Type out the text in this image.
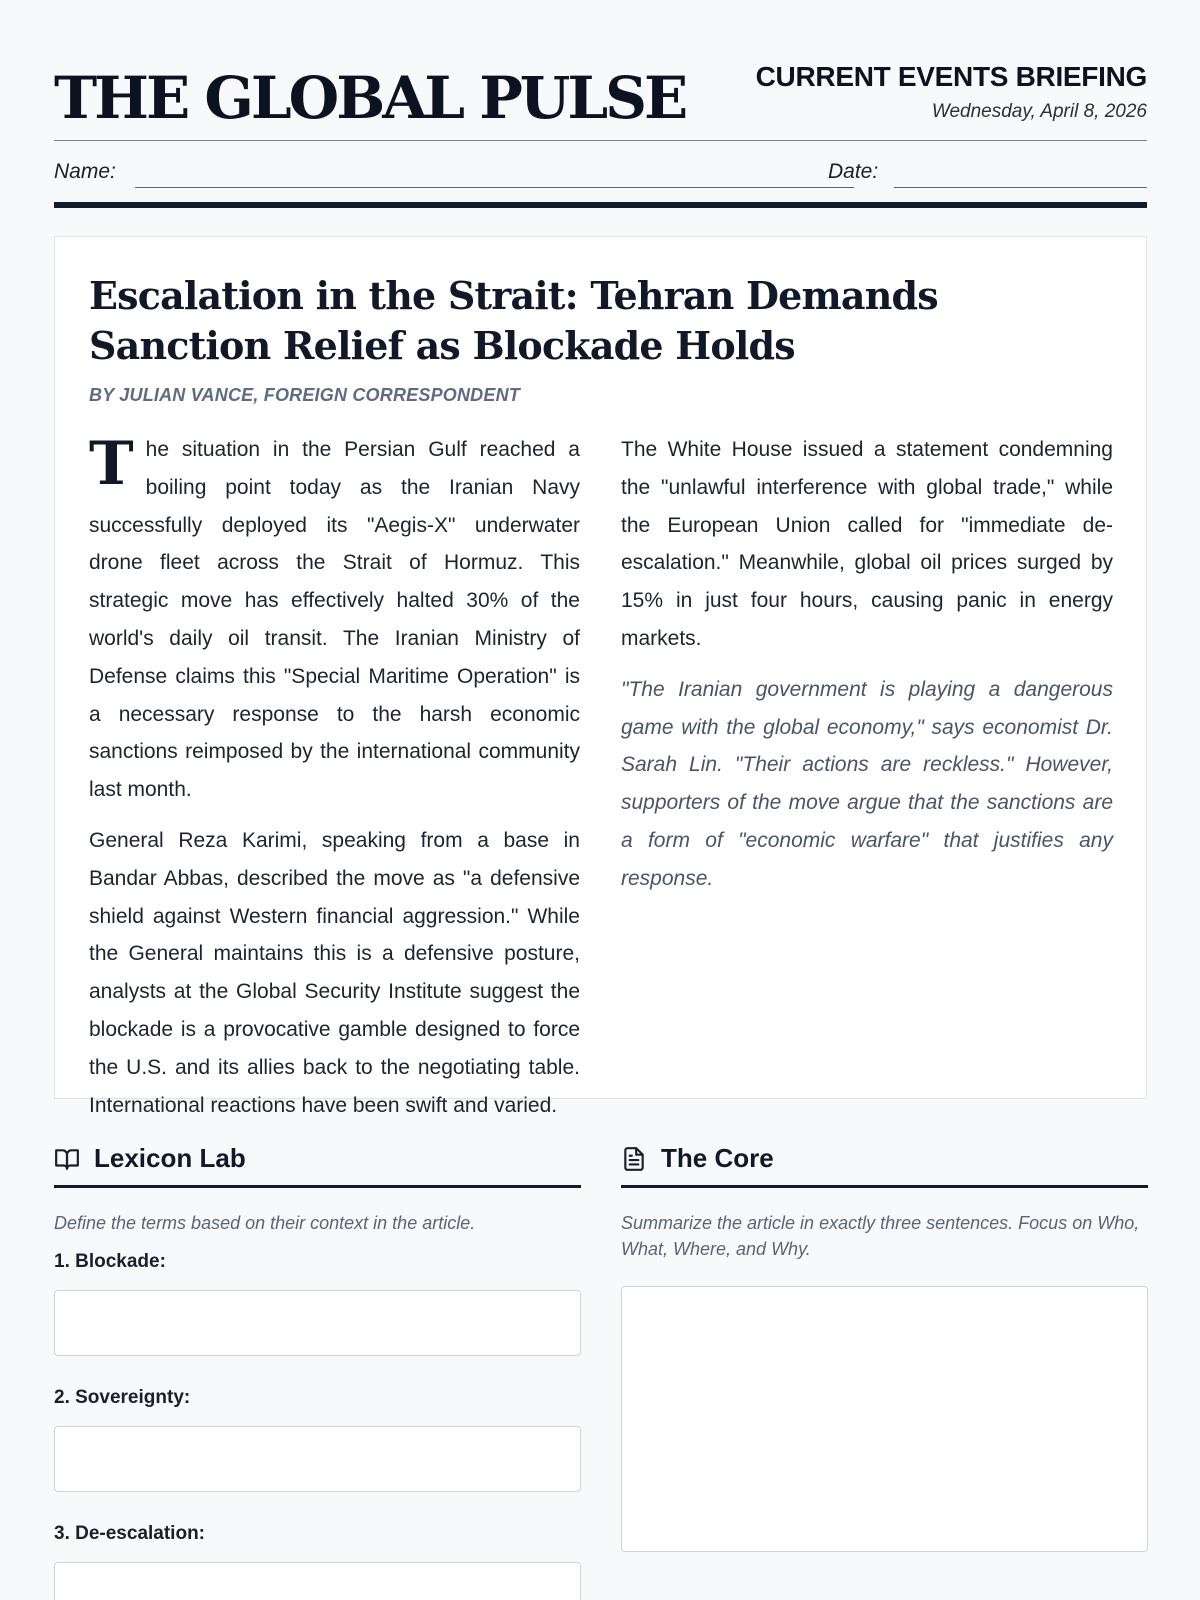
THE GLOBAL PULSE	CURRENT EVENTS BRIEFING
Wednesday, April 8, 2026
Name:	Date:
Escalation in the Strait: Tehran Demands Sanction Relief as Blockade Holds
BY JULIAN VANCE, FOREIGN CORRESPONDENT

The situation in the Persian Gulf reached a boiling point today as the Iranian Navy successfully deployed its "Aegis-X" underwater drone fleet across the Strait of Hormuz. This strategic move has effectively halted 30% of the world's daily oil transit. The Iranian Ministry of Defense claims this "Special Maritime Operation" is a necessary response to the harsh economic sanctions reimposed by the international community last month.

General Reza Karimi, speaking from a base in Bandar Abbas, described the move as "a defensive shield against Western financial aggression." While the General maintains this is a defensive posture, analysts at the Global Security Institute suggest the blockade is a provocative gamble designed to force the U.S. and its allies back to the negotiating table. International reactions have been swift and varied.

The White House issued a statement condemning the "unlawful interference with global trade," while the European Union called for "immediate de-escalation." Meanwhile, global oil prices surged by 15% in just four hours, causing panic in energy markets.

"The Iranian government is playing a dangerous game with the global economy," says economist Dr. Sarah Lin. "Their actions are reckless." However, supporters of the move argue that the sanctions are a form of "economic warfare" that justifies any response.

Lexicon Lab
Define the terms based on their context in the article.
1. Blockade:
2. Sovereignty:
3. De-escalation:
The Core
Summarize the article in exactly three sentences. Focus on Who, What, Where, and Why.
